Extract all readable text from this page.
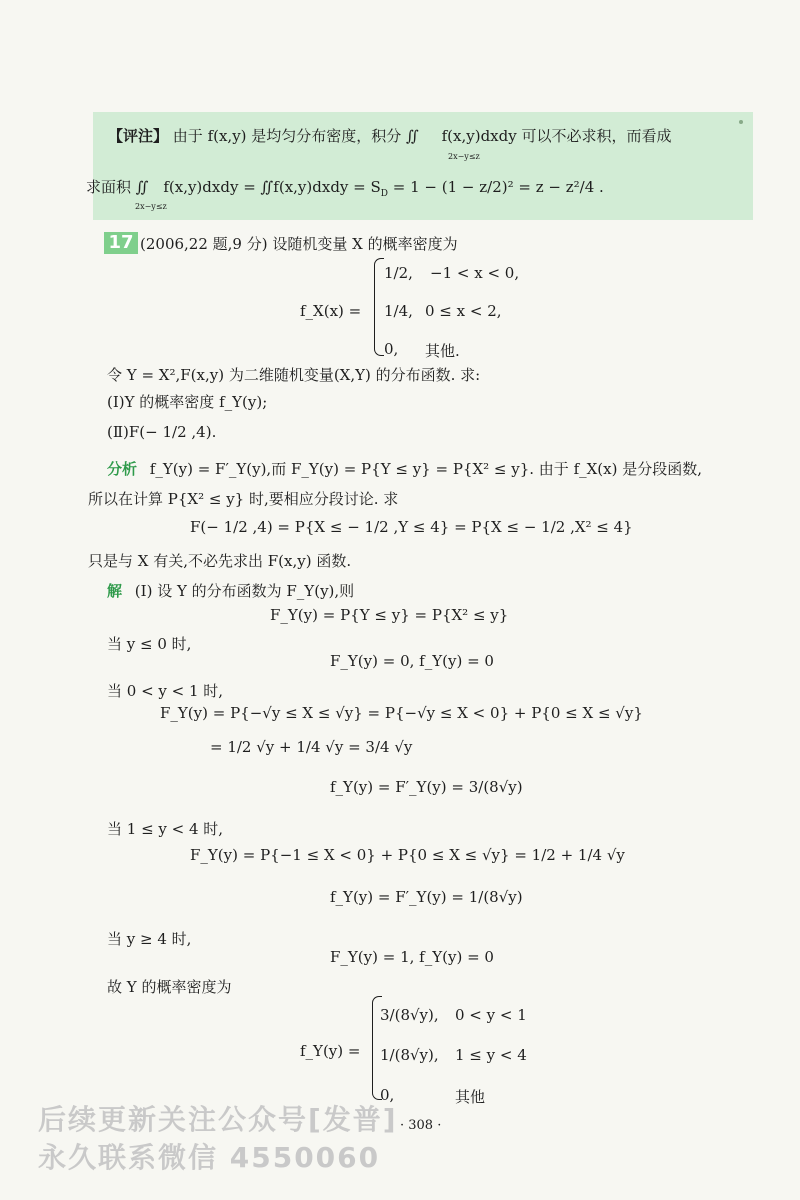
【评注】 由于 f(x,y) 是均匀分布密度，积分 ∬ f(x,y)dxdy 可以不必求积，而看成
2x−y≤z
求面积 ∬ f(x,y)dxdy = ∬f(x,y)dxdy = $S_D = 1 - (1 - z/2)^2 = z - z^2/4$ .
2x−y≤z
17 (2006,22 题,9 分) 设随机变量 X 的概率密度为
f_X(x) =
1/2, −1 < x < 0,
1/4, 0 ≤ x < 2,
0, 其他.
令 Y = X²,F(x,y) 为二维随机变量(X,Y) 的分布函数. 求:
(Ⅰ)Y 的概率密度 f_Y(y);
(Ⅱ)F(− 1/2 ,4).
分析 f_Y(y) = F′_Y(y),而 F_Y(y) = P{Y ≤ y} = P{X² ≤ y}. 由于 f_X(x) 是分段函数,
所以在计算 P{X² ≤ y} 时,要相应分段讨论. 求
F(− 1/2 ,4) = P{X ≤ − 1/2 ,Y ≤ 4} = P{X ≤ − 1/2 ,X² ≤ 4}
只是与 X 有关,不必先求出 F(x,y) 函数.
解 (Ⅰ) 设 Y 的分布函数为 F_Y(y),则
F_Y(y) = P{Y ≤ y} = P{X² ≤ y}
当 y ≤ 0 时,
F_Y(y) = 0, f_Y(y) = 0
当 0 < y < 1 时,
F_Y(y) = P{−√y ≤ X ≤ √y} = P{−√y ≤ X < 0} + P{0 ≤ X ≤ √y}
= 1/2 √y + 1/4 √y = 3/4 √y
f_Y(y) = F′_Y(y) = 3/(8√y)
当 1 ≤ y < 4 时,
F_Y(y) = P{−1 ≤ X < 0} + P{0 ≤ X ≤ √y} = 1/2 + 1/4 √y
f_Y(y) = F′_Y(y) = 1/(8√y)
当 y ≥ 4 时,
F_Y(y) = 1, f_Y(y) = 0
故 Y 的概率密度为
f_Y(y) =
3/(8√y), 0 < y < 1
1/(8√y), 1 ≤ y < 4
0,	其他
· 308 ·
后续更新关注公众号[发普]
永久联系微信 4550060
